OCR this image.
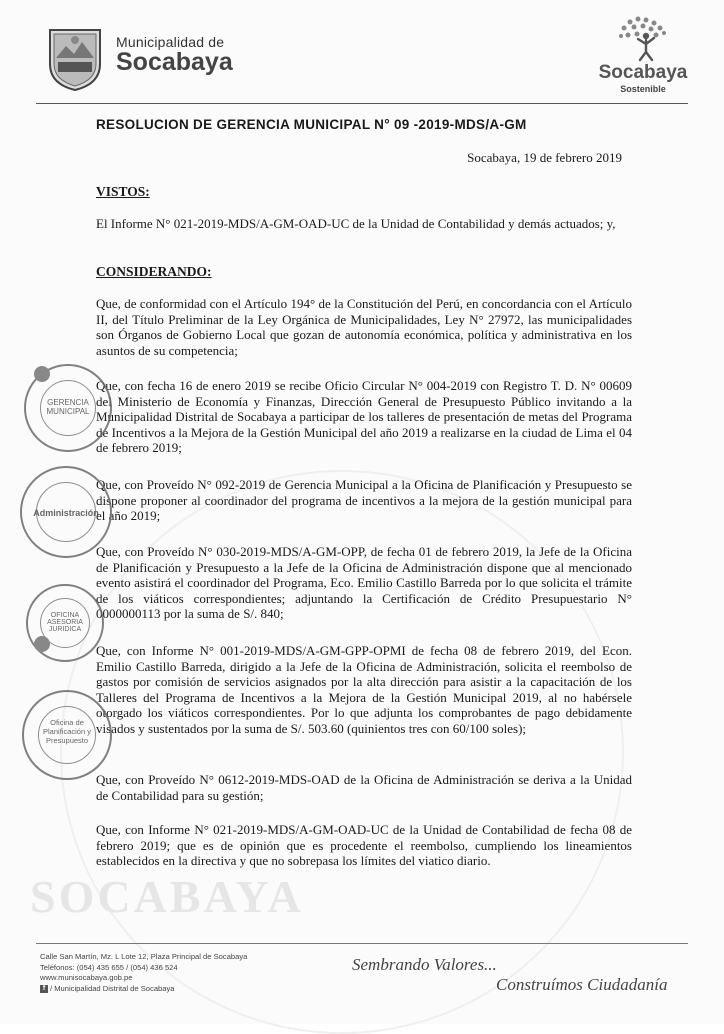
SOCABAYA
Municipalidad de
Socabaya	Socabaya
Sostenible
RESOLUCION DE GERENCIA MUNICIPAL N° 09 -2019-MDS/A-GM
Socabaya, 19 de febrero 2019
VISTOS:
El Informe N° 021-2019-MDS/A-GM-OAD-UC de la Unidad de Contabilidad y demás actuados; y,
CONSIDERANDO:
Que, de conformidad con el Artículo 194° de la Constitución del Perú, en concordancia con el Artículo II, del Título Preliminar de la Ley Orgánica de Municipalidades, Ley N° 27972, las municipalidades son Órganos de Gobierno Local que gozan de autonomía económica, política y administrativa en los asuntos de su competencia;
Que, con fecha 16 de enero 2019 se recibe Oficio Circular N° 004-2019 con Registro T. D. N° 00609 del Ministerio de Economía y Finanzas, Dirección General de Presupuesto Público invitando a la Municipalidad Distrital de Socabaya a participar de los talleres de presentación de metas del Programa de Incentivos a la Mejora de la Gestión Municipal del año 2019 a realizarse en la ciudad de Lima el 04 de febrero 2019;
Que, con Proveído N° 092-2019 de Gerencia Municipal a la Oficina de Planificación y Presupuesto se dispone proponer al coordinador del programa de incentivos a la mejora de la gestión municipal para el año 2019;
Que, con Proveído N° 030-2019-MDS/A-GM-OPP, de fecha 01 de febrero 2019, la Jefe de la Oficina de Planificación y Presupuesto a la Jefe de la Oficina de Administración dispone que al mencionado evento asistirá el coordinador del Programa, Eco. Emilio Castillo Barreda por lo que solicita el trámite de los viáticos correspondientes; adjuntando la Certificación de Crédito Presupuestario N° 0000000113 por la suma de S/. 840;
Que, con Informe N° 001-2019-MDS/A-GM-GPP-OPMI de fecha 08 de febrero 2019, del Econ. Emilio Castillo Barreda, dirigido a la Jefe de la Oficina de Administración, solicita el reembolso de gastos por comisión de servicios asignados por la alta dirección para asistir a la capacitación de los Talleres del Programa de Incentivos a la Mejora de la Gestión Municipal 2019, al no habérsele otorgado los viáticos correspondientes. Por lo que adjunta los comprobantes de pago debidamente visados y sustentados por la suma de S/. 503.60 (quinientos tres con 60/100 soles);
Que, con Proveído N° 0612-2019-MDS-OAD de la Oficina de Administración se deriva a la Unidad de Contabilidad para su gestión;
Que, con Informe N° 021-2019-MDS/A-GM-OAD-UC de la Unidad de Contabilidad de fecha 08 de febrero 2019; que es de opinión que es procedente el reembolso, cumpliendo los lineamientos establecidos en la directiva y que no sobrepasa los límites del viatico diario.
GERENCIA MUNICIPAL
Administración
OFICINA ASESORIA JURIDICA
Oficina de Planificación y Presupuesto
Calle San Martín, Mz. L Lote 12, Plaza Principal de Socabaya
Teléfonos: (054) 435 655 / (054) 436 524
www.munisocabaya.gob.pe
f / Municipalidad Distrital de Socabaya
Sembrando Valores...
Construímos Ciudadanía
